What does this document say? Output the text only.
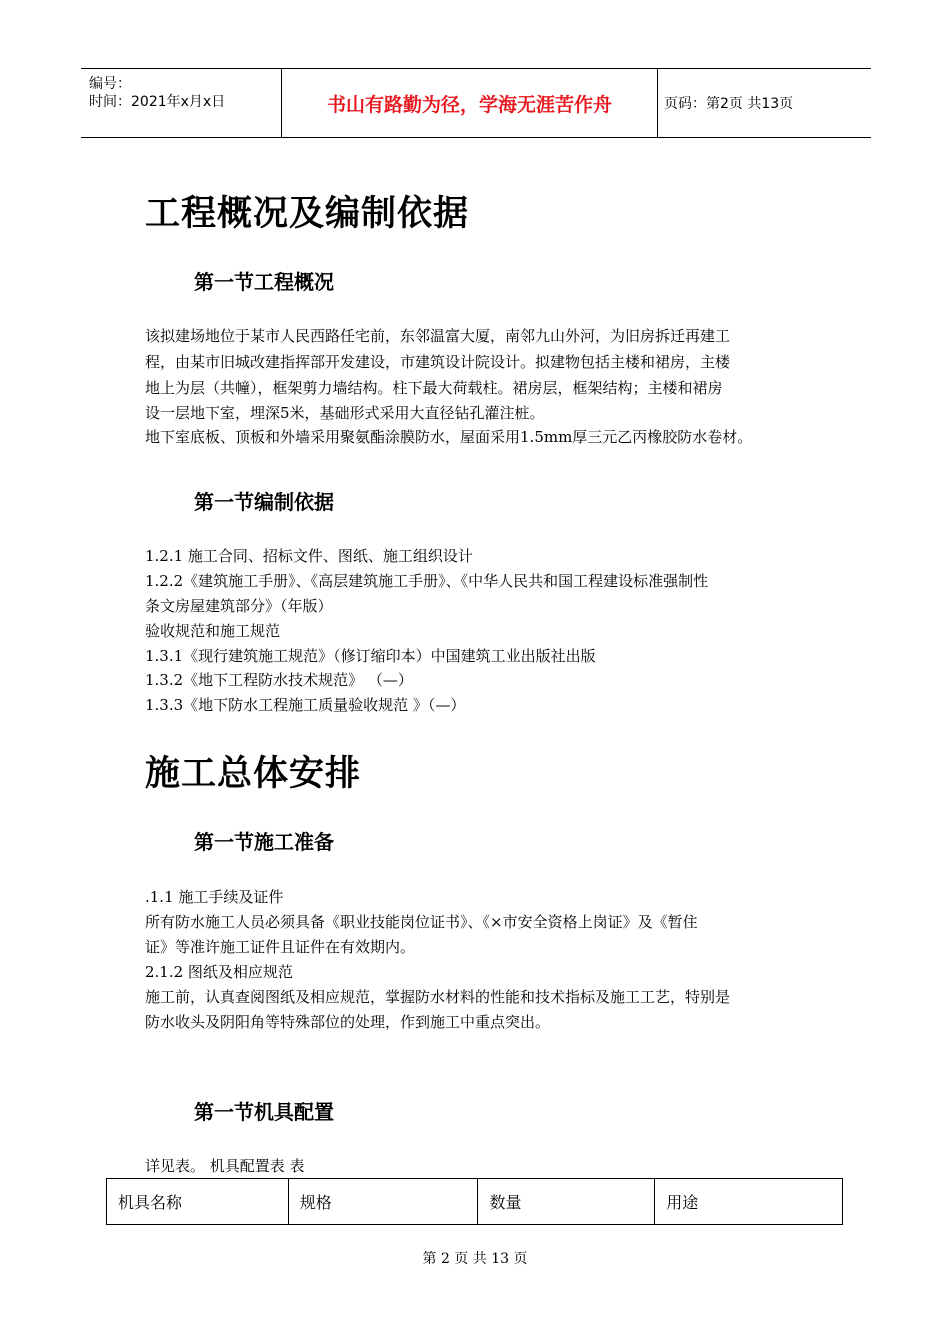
编号：
时间：2021年x月x日	书山有路勤为径，学海无涯苦作舟	页码：第2页 共13页
工程概况及编制依据
第一节工程概况
该拟建场地位于某市人民西路任宅前，东邻温富大厦，南邻九山外河，为旧房拆迁再建工
程，由某市旧城改建指挥部开发建设，市建筑设计院设计。拟建物包括主楼和裙房，主楼
地上为层（共幢），框架剪力墙结构。柱下最大荷载柱。裙房层，框架结构；主楼和裙房
设一层地下室，埋深5米，基础形式采用大直径钻孔灌注桩。
地下室底板、顶板和外墙采用聚氨酯涂膜防水，屋面采用1.5mm厚三元乙丙橡胶防水卷材。
第一节编制依据
1.2.1 施工合同、招标文件、图纸、施工组织设计
1.2.2《建筑施工手册》、《高层建筑施工手册》、《中华人民共和国工程建设标准强制性
条文房屋建筑部分》（年版）
验收规范和施工规范
1.3.1《现行建筑施工规范》（修订缩印本）中国建筑工业出版社出版
1.3.2《地下工程防水技术规范》 （—）
1.3.3《地下防水工程施工质量验收规范 》（—）
施工总体安排
第一节施工准备
.1.1 施工手续及证件
所有防水施工人员必须具备《职业技能岗位证书》、《×市安全资格上岗证》及《暂住
证》等准许施工证件且证件在有效期内。
2.1.2 图纸及相应规范
施工前，认真查阅图纸及相应规范，掌握防水材料的性能和技术指标及施工工艺，特别是
防水收头及阴阳角等特殊部位的处理，作到施工中重点突出。
第一节机具配置
详见表。 机具配置表 表
机具名称	规格	数量	用途
第 2 页 共 13 页
